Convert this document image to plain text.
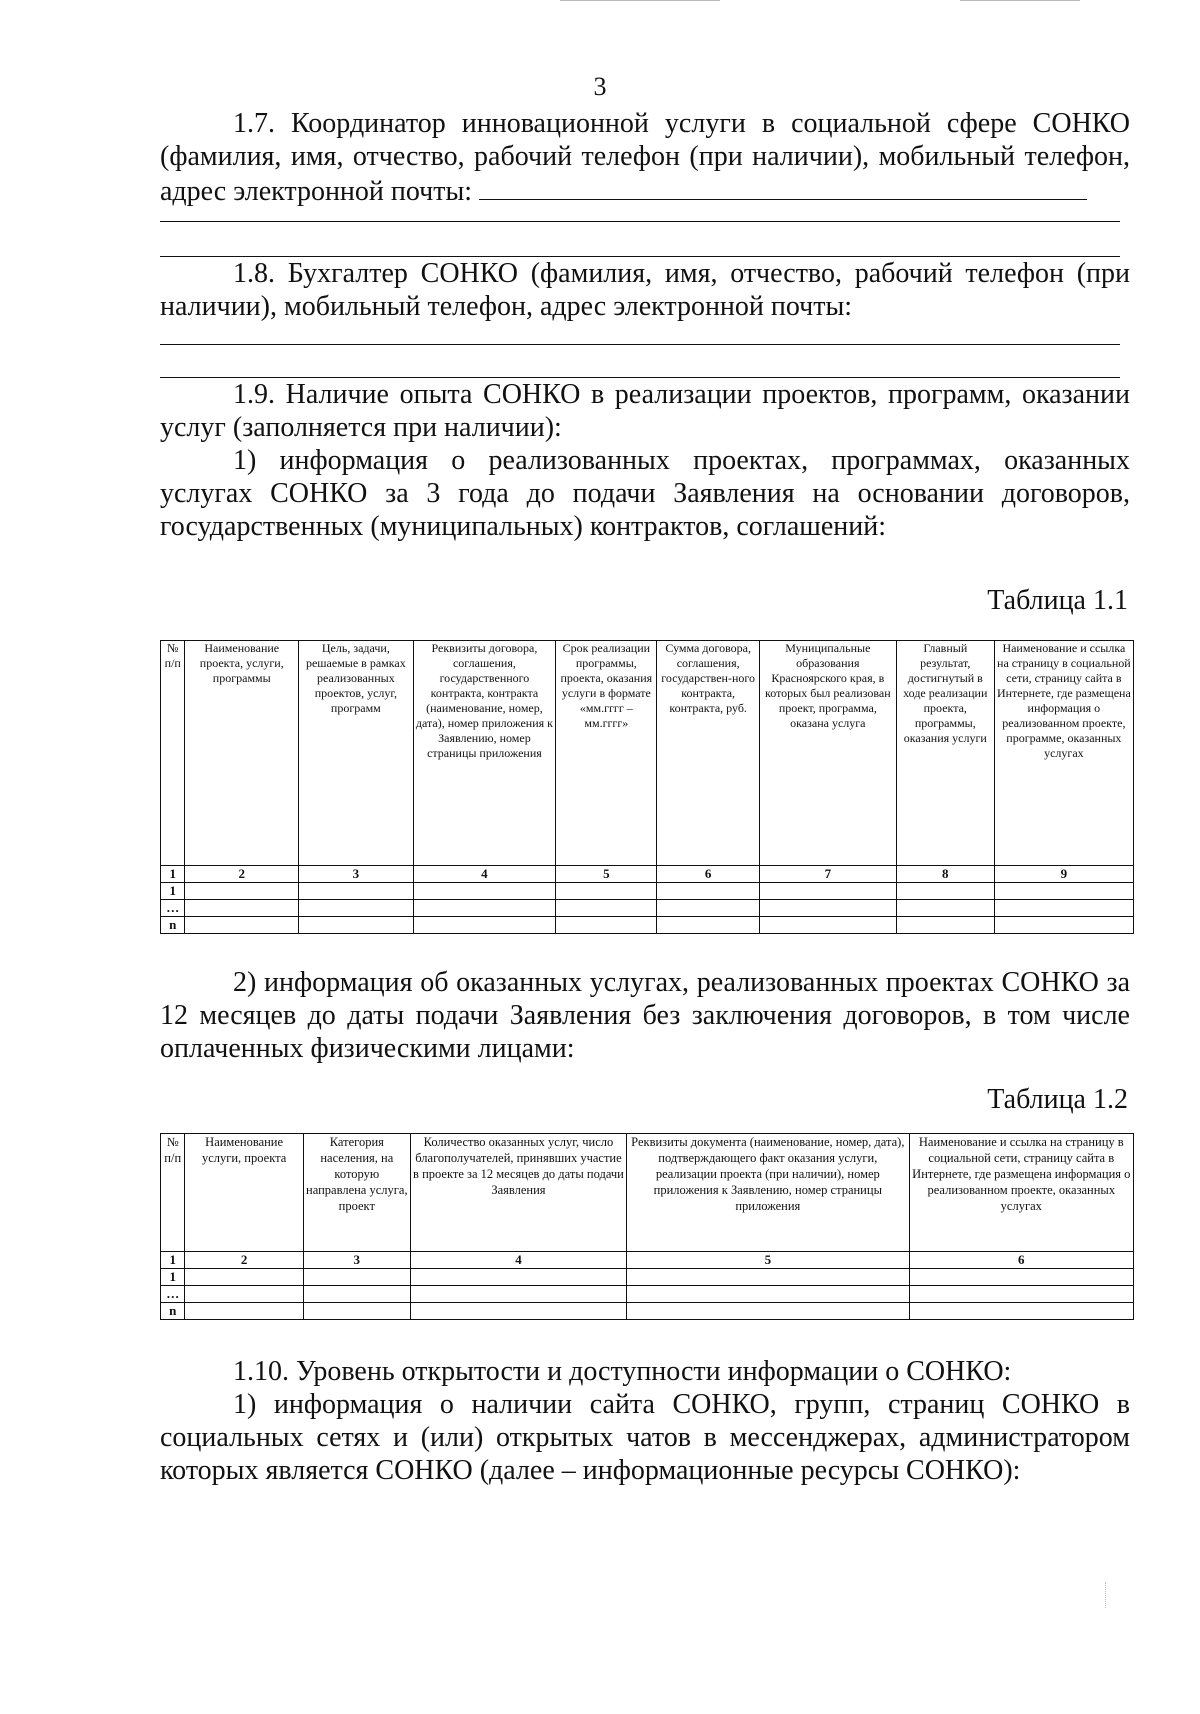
3
1.7. Координатор инновационной услуги в социальной сфере СОНКО (фамилия, имя, отчество, рабочий телефон (при наличии), мобильный телефон, адрес электронной почты:
1.8. Бухгалтер СОНКО (фамилия, имя, отчество, рабочий телефон (при наличии), мобильный телефон, адрес электронной почты:
1.9. Наличие опыта СОНКО в реализации проектов, программ, оказании услуг (заполняется при наличии):
1) информация о реализованных проектах, программах, оказанных услугах СОНКО за 3 года до подачи Заявления на основании договоров, государственных (муниципальных) контрактов, соглашений:
Таблица 1.1
№ п/п	Наименование проекта, услуги, программы	Цель, задачи, решаемые в рамках реализованных проектов, услуг, программ	Реквизиты договора, соглашения, государственного контракта, контракта (наименование, номер, дата), номер приложения к Заявлению, номер страницы приложения	Срок реализации программы, проекта, оказания услуги в формате «мм.гггг – мм.гггг»	Сумма договора, соглашения, государствен-ного контракта, контракта, руб.	Муниципальные образования Красноярского края, в которых был реализован проект, программа, оказана услуга	Главный результат, достигнутый в ходе реализации проекта, программы, оказания услуги	Наименование и ссылка на страницу в социальной сети, страницу сайта в Интернете, где размещена информация о реализованном проекте, программе, оказанных услугах
1	2	3	4	5	6	7	8	9
1								
…								
n								
2) информация об оказанных услугах, реализованных проектах СОНКО за 12 месяцев до даты подачи Заявления без заключения договоров, в том числе оплаченных физическими лицами:
Таблица 1.2
№ п/п	Наименование услуги, проекта	Категория населения, на которую направлена услуга, проект	Количество оказанных услуг, число благополучателей, принявших участие в проекте за 12 месяцев до даты подачи Заявления	Реквизиты документа (наименование, номер, дата), подтверждающего факт оказания услуги, реализации проекта (при наличии), номер приложения к Заявлению, номер страницы приложения	Наименование и ссылка на страницу в социальной сети, страницу сайта в Интернете, где размещена информация о реализованном проекте, оказанных услугах
1	2	3	4	5	6
1					
…					
n					
1.10. Уровень открытости и доступности информации о СОНКО:
1) информация о наличии сайта СОНКО, групп, страниц СОНКО в социальных сетях и (или) открытых чатов в мессенджерах, администратором которых является СОНКО (далее – информационные ресурсы СОНКО):
